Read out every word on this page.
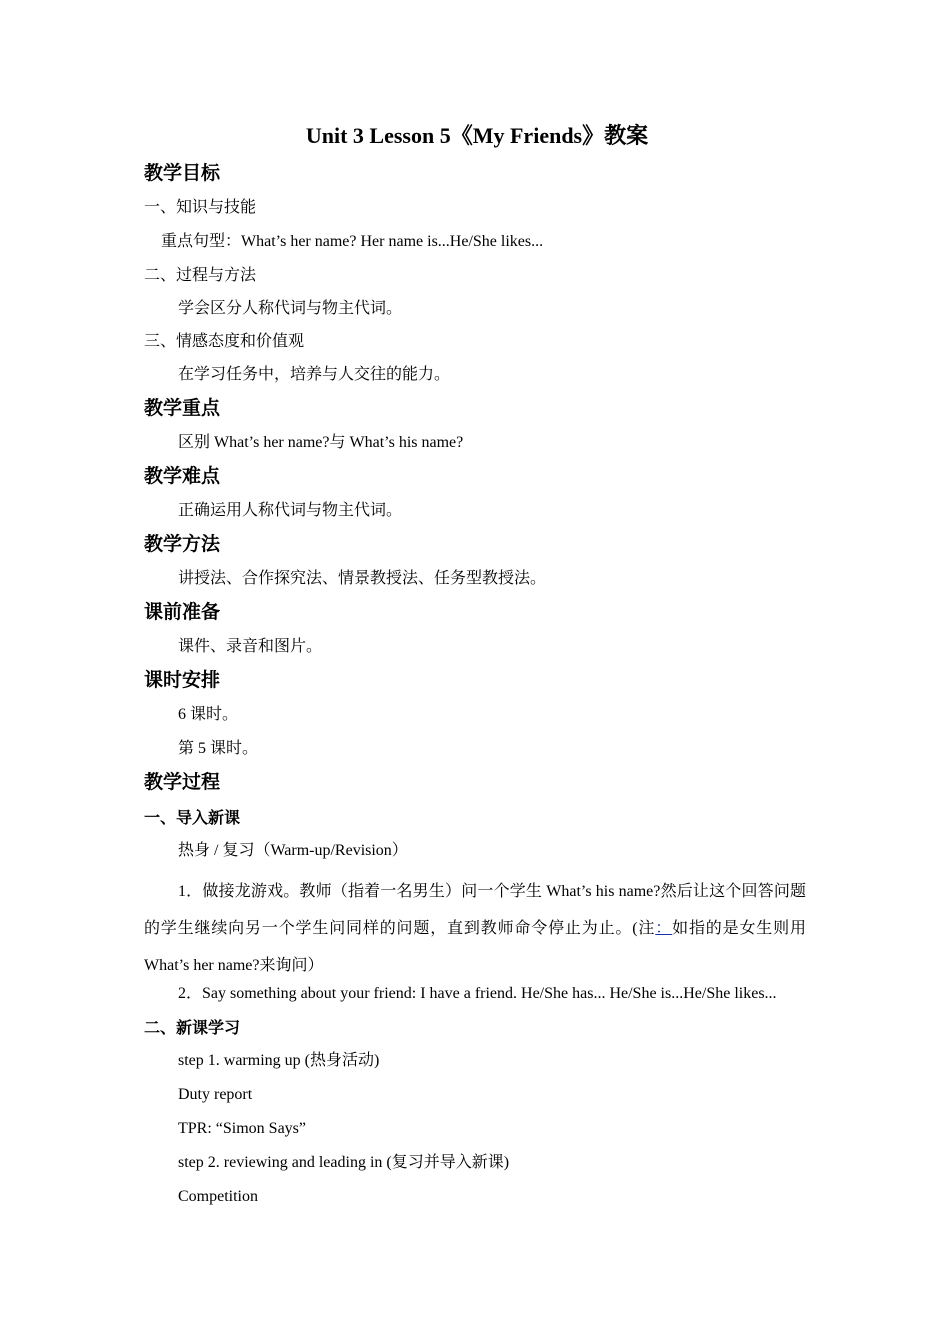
Unit 3 Lesson 5《My Friends》教案
教学目标
一、知识与技能
重点句型：What’s her name? Her name is...He/She likes...
二、过程与方法
学会区分人称代词与物主代词。
三、情感态度和价值观
在学习任务中，培养与人交往的能力。
教学重点
区别 What’s her name?与 What’s his name?
教学难点
正确运用人称代词与物主代词。
教学方法
讲授法、合作探究法、情景教授法、任务型教授法。
课前准备
课件、录音和图片。
课时安排
6 课时。
第 5 课时。
教学过程
一、导入新课
热身 / 复习（Warm-up/Revision）
1．做接龙游戏。教师（指着一名男生）问一个学生 What’s his name?然后让这个回答问题的学生继续向另一个学生问同样的问题，直到教师命令停止为止。(注：如指的是女生则用 What’s her name?来询问）
2．Say something about your friend: I have a friend. He/She has... He/She is...He/She likes...
二、新课学习
step 1. warming up (热身活动)
Duty report
TPR: “Simon Says”
step 2. reviewing and leading in (复习并导入新课)
Competition
